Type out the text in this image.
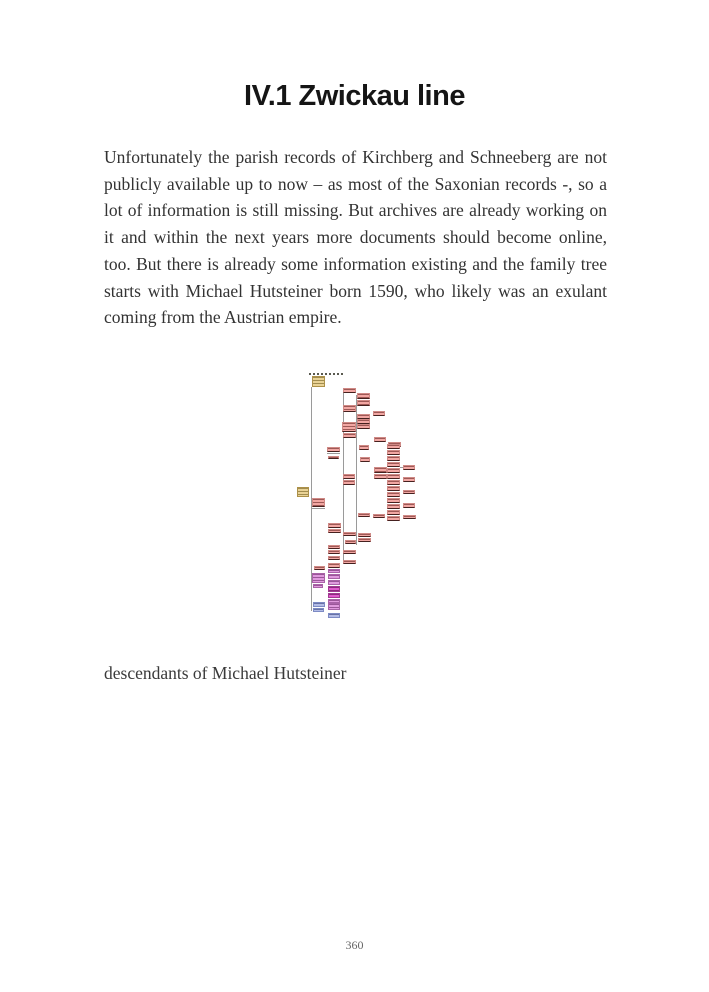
IV.1 Zwickau line

Unfortunately the parish records of Kirchberg and Schneeberg are not publicly available up to now – as most of the Saxonian records -, so a lot of information is still missing. But archives are already working on it and within the next years more documents should become online, too. But there is already some information existing and the family tree starts with Michael Hutsteiner born 1590, who likely was an exulant coming from the Austrian empire.

descendants of Michael Hutsteiner

360
